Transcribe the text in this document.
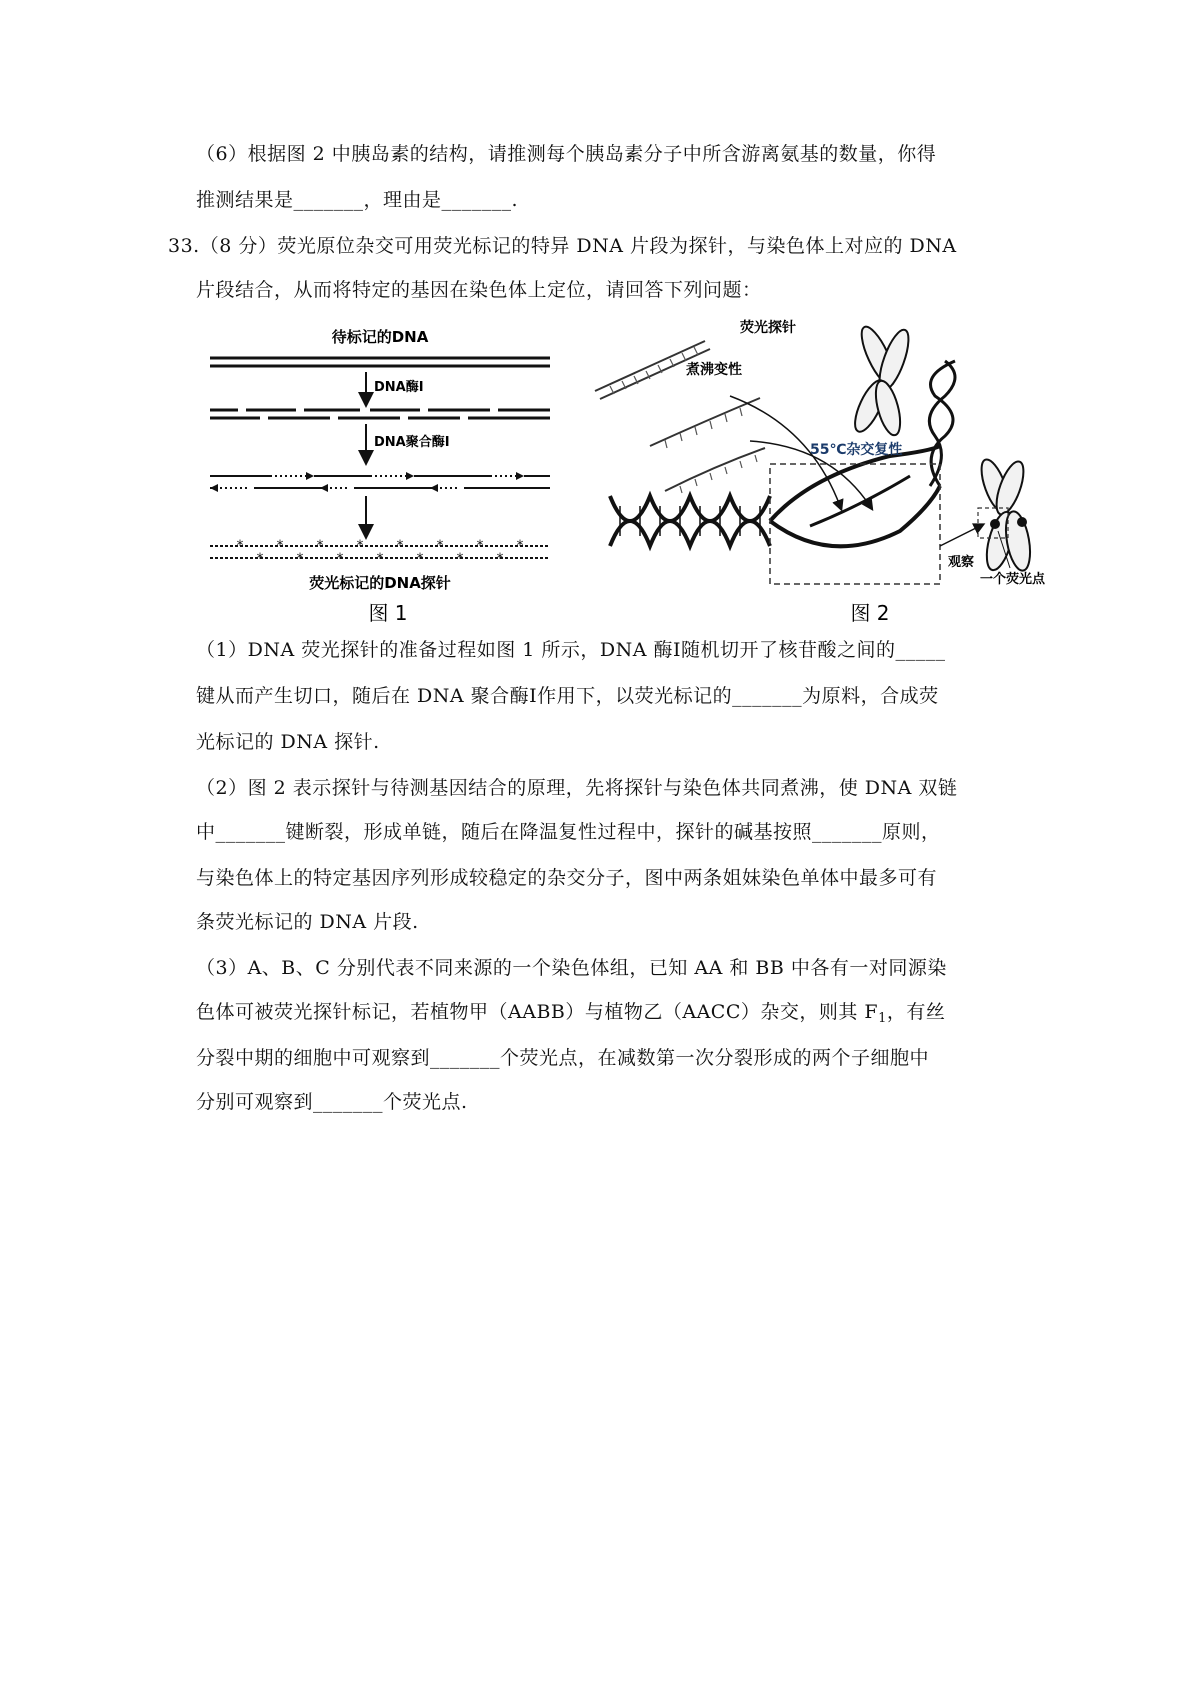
（6）根据图 2 中胰岛素的结构，请推测每个胰岛素分子中所含游离氨基的数量，你得
推测结果是_______，理由是_______.
33.（8 分）荧光原位杂交可用荧光标记的特异 DNA 片段为探针，与染色体上对应的 DNA
片段结合，从而将特定的基因在染色体上定位，请回答下列问题：
待标记的DNA
DNA酶Ⅰ
DNA聚合酶Ⅰ
* * * * * * * *
* * * * * * *
荧光标记的DNA探针
图 1
荧光探针
煮沸变性
55℃杂交复性
观察
一个荧光点
图 2
（1）DNA 荧光探针的准备过程如图 1 所示，DNA 酶Ⅰ随机切开了核苷酸之间的_____
键从而产生切口，随后在 DNA 聚合酶Ⅰ作用下，以荧光标记的_______为原料，合成荧
光标记的 DNA 探针.
（2）图 2 表示探针与待测基因结合的原理，先将探针与染色体共同煮沸，使 DNA 双链
中_______键断裂，形成单链，随后在降温复性过程中，探针的碱基按照_______原则，
与染色体上的特定基因序列形成较稳定的杂交分子，图中两条姐妹染色单体中最多可有
条荧光标记的 DNA 片段.
（3）A、B、C 分别代表不同来源的一个染色体组，已知 AA 和 BB 中各有一对同源染
色体可被荧光探针标记，若植物甲（AABB）与植物乙（AACC）杂交，则其 $F_1$，有丝
分裂中期的细胞中可观察到_______个荧光点，在减数第一次分裂形成的两个子细胞中
分别可观察到_______个荧光点.
